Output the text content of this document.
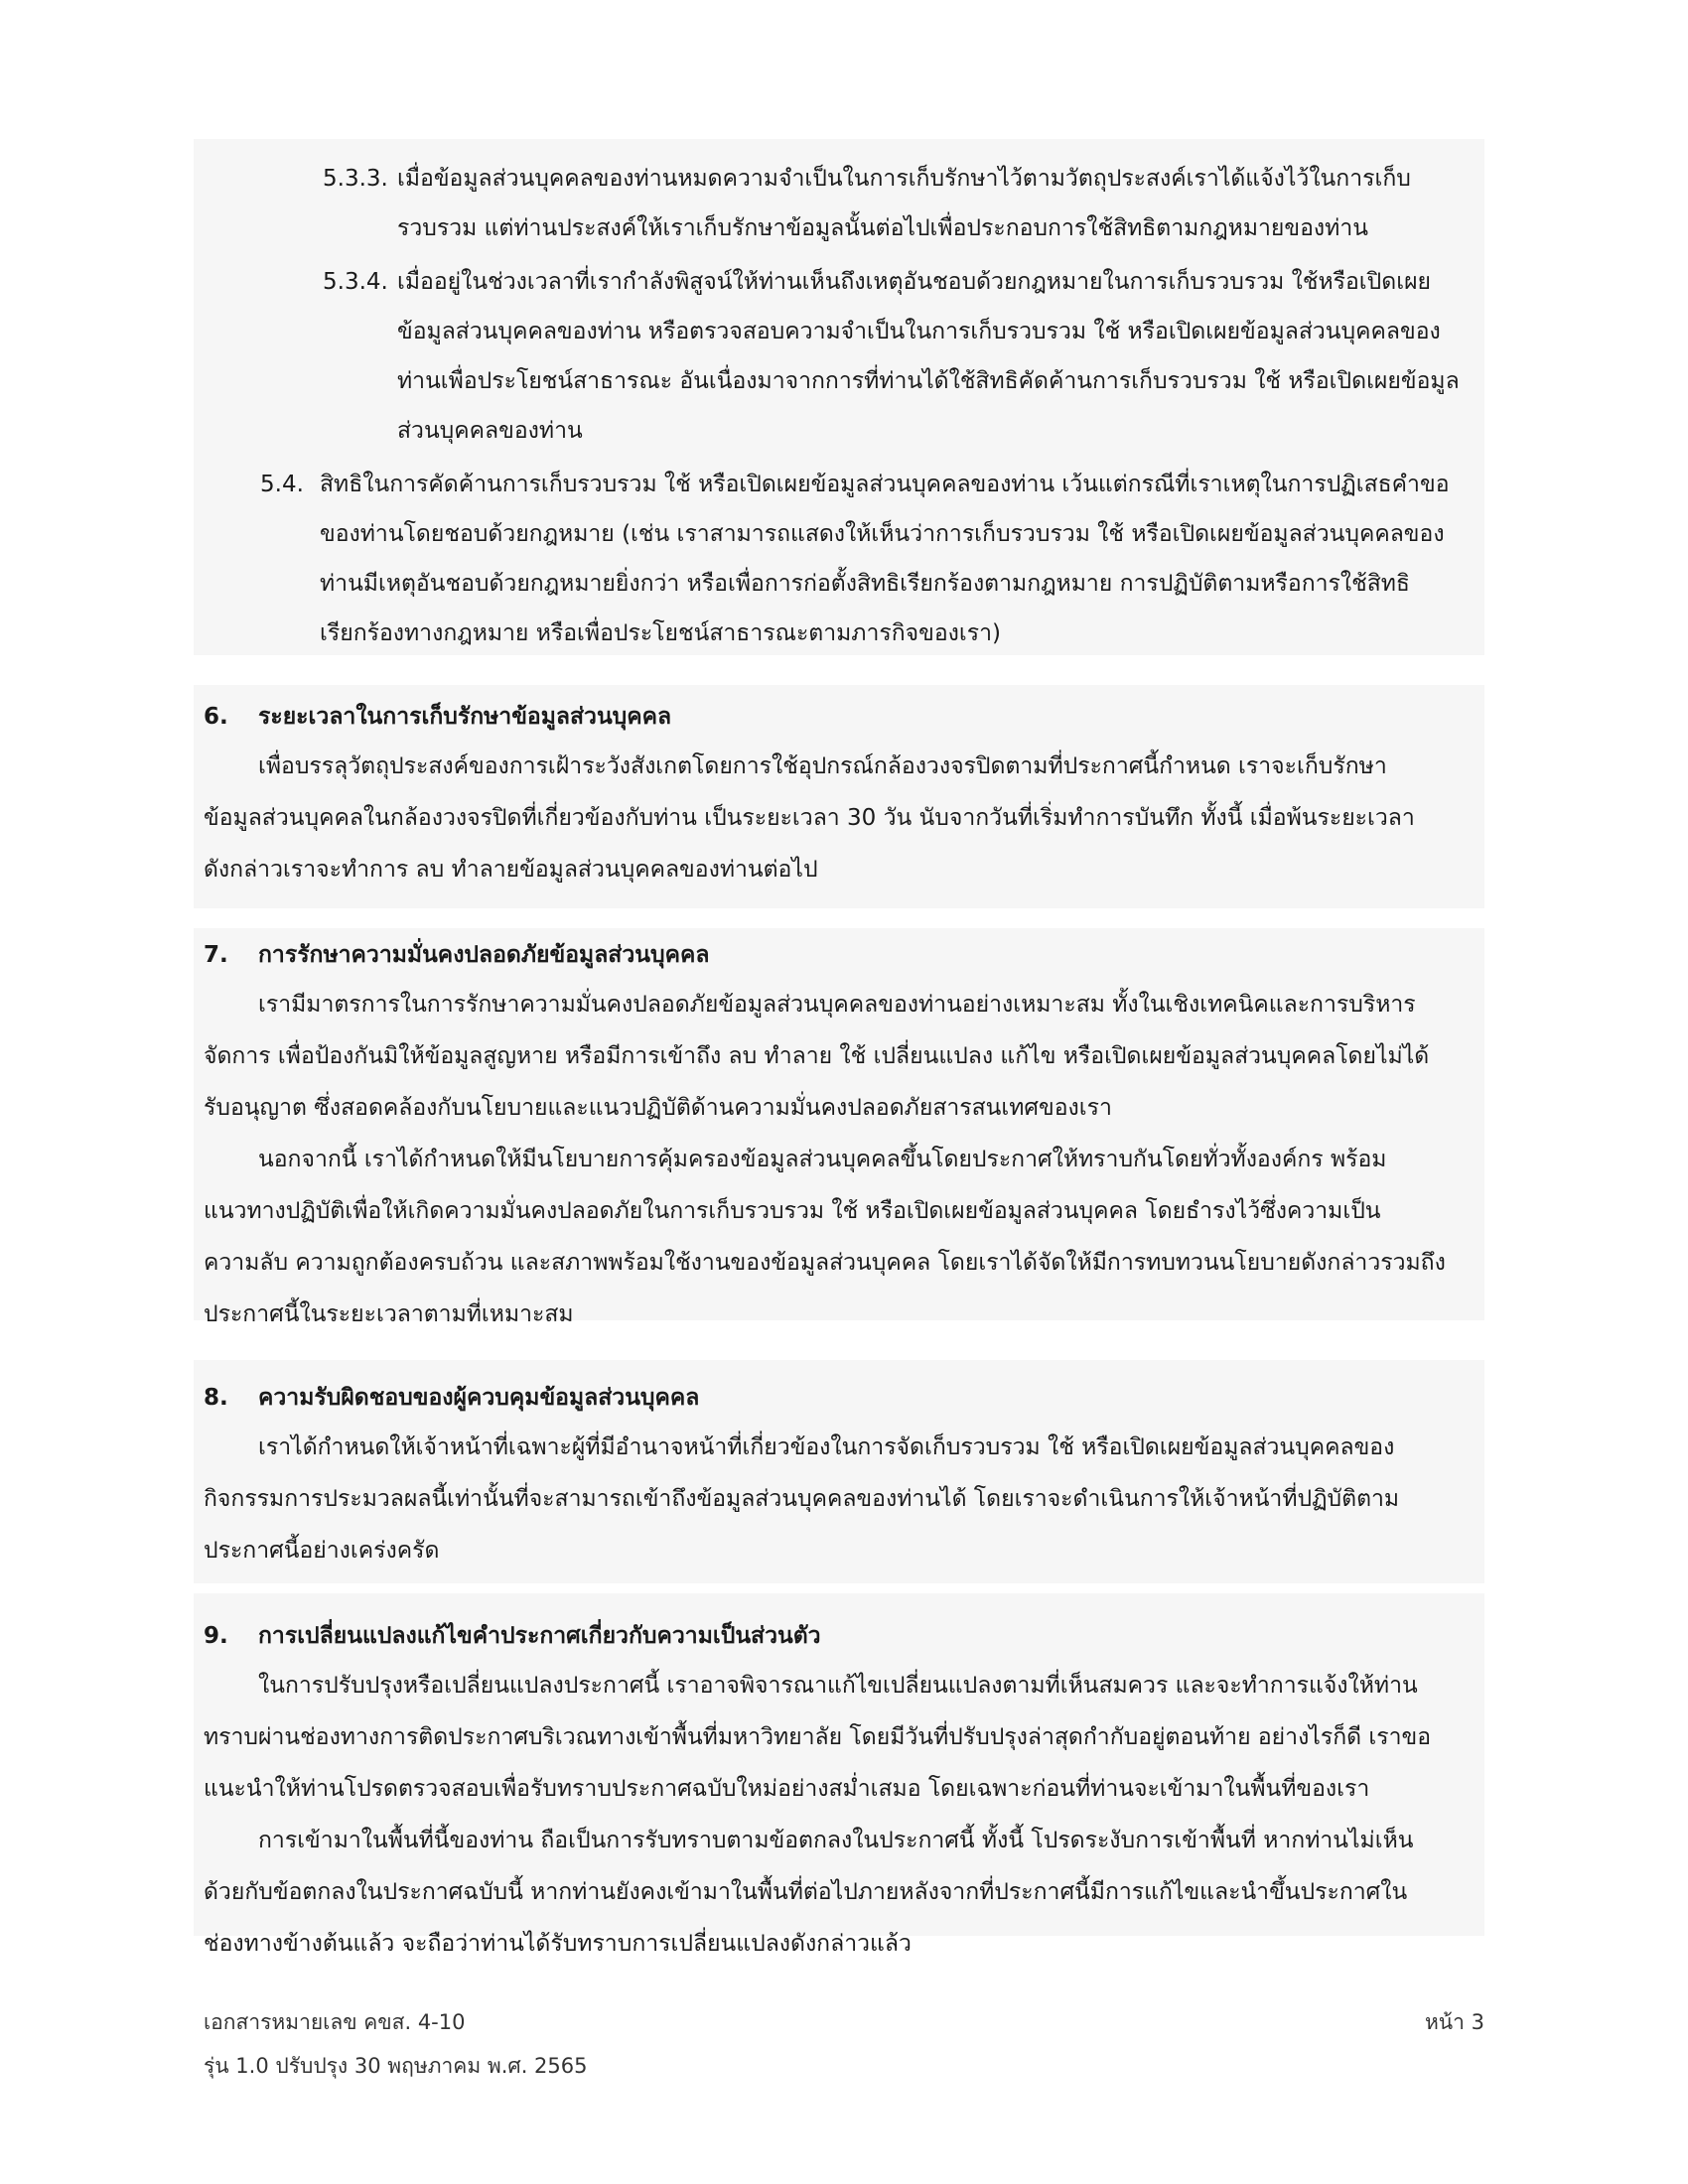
5.3.3. เมื่อข้อมูลส่วนบุคคลของท่านหมดความจำเป็นในการเก็บรักษาไว้ตามวัตถุประสงค์เราได้แจ้งไว้ในการเก็บ
รวบรวม แต่ท่านประสงค์ให้เราเก็บรักษาข้อมูลนั้นต่อไปเพื่อประกอบการใช้สิทธิตามกฎหมายของท่าน
5.3.4. เมื่ออยู่ในช่วงเวลาที่เรากำลังพิสูจน์ให้ท่านเห็นถึงเหตุอันชอบด้วยกฎหมายในการเก็บรวบรวม ใช้หรือเปิดเผย
ข้อมูลส่วนบุคคลของท่าน หรือตรวจสอบความจำเป็นในการเก็บรวบรวม ใช้ หรือเปิดเผยข้อมูลส่วนบุคคลของ
ท่านเพื่อประโยชน์สาธารณะ อันเนื่องมาจากการที่ท่านได้ใช้สิทธิคัดค้านการเก็บรวบรวม ใช้ หรือเปิดเผยข้อมูล
ส่วนบุคคลของท่าน
5.4. สิทธิในการคัดค้านการเก็บรวบรวม ใช้ หรือเปิดเผยข้อมูลส่วนบุคคลของท่าน เว้นแต่กรณีที่เราเหตุในการปฏิเสธคำขอ
ของท่านโดยชอบด้วยกฎหมาย (เช่น เราสามารถแสดงให้เห็นว่าการเก็บรวบรวม ใช้ หรือเปิดเผยข้อมูลส่วนบุคคลของ
ท่านมีเหตุอันชอบด้วยกฎหมายยิ่งกว่า หรือเพื่อการก่อตั้งสิทธิเรียกร้องตามกฎหมาย การปฏิบัติตามหรือการใช้สิทธิ
เรียกร้องทางกฎหมาย หรือเพื่อประโยชน์สาธารณะตามภารกิจของเรา)
6. ระยะเวลาในการเก็บรักษาข้อมูลส่วนบุคคล
เพื่อบรรลุวัตถุประสงค์ของการเฝ้าระวังสังเกตโดยการใช้อุปกรณ์กล้องวงจรปิดตามที่ประกาศนี้กำหนด เราจะเก็บรักษา
ข้อมูลส่วนบุคคลในกล้องวงจรปิดที่เกี่ยวข้องกับท่าน เป็นระยะเวลา 30 วัน นับจากวันที่เริ่มทำการบันทึก ทั้งนี้ เมื่อพ้นระยะเวลา
ดังกล่าวเราจะทำการ ลบ ทำลายข้อมูลส่วนบุคคลของท่านต่อไป
7. การรักษาความมั่นคงปลอดภัยข้อมูลส่วนบุคคล
เรามีมาตรการในการรักษาความมั่นคงปลอดภัยข้อมูลส่วนบุคคลของท่านอย่างเหมาะสม ทั้งในเชิงเทคนิคและการบริหาร
จัดการ เพื่อป้องกันมิให้ข้อมูลสูญหาย หรือมีการเข้าถึง ลบ ทำลาย ใช้ เปลี่ยนแปลง แก้ไข หรือเปิดเผยข้อมูลส่วนบุคคลโดยไม่ได้
รับอนุญาต ซึ่งสอดคล้องกับนโยบายและแนวปฏิบัติด้านความมั่นคงปลอดภัยสารสนเทศของเรา
นอกจากนี้ เราได้กำหนดให้มีนโยบายการคุ้มครองข้อมูลส่วนบุคคลขึ้นโดยประกาศให้ทราบกันโดยทั่วทั้งองค์กร พร้อม
แนวทางปฏิบัติเพื่อให้เกิดความมั่นคงปลอดภัยในการเก็บรวบรวม ใช้ หรือเปิดเผยข้อมูลส่วนบุคคล โดยธำรงไว้ซึ่งความเป็น
ความลับ ความถูกต้องครบถ้วน และสภาพพร้อมใช้งานของข้อมูลส่วนบุคคล โดยเราได้จัดให้มีการทบทวนนโยบายดังกล่าวรวมถึง
ประกาศนี้ในระยะเวลาตามที่เหมาะสม
8. ความรับผิดชอบของผู้ควบคุมข้อมูลส่วนบุคคล
เราได้กำหนดให้เจ้าหน้าที่เฉพาะผู้ที่มีอำนาจหน้าที่เกี่ยวข้องในการจัดเก็บรวบรวม ใช้ หรือเปิดเผยข้อมูลส่วนบุคคลของ
กิจกรรมการประมวลผลนี้เท่านั้นที่จะสามารถเข้าถึงข้อมูลส่วนบุคคลของท่านได้ โดยเราจะดำเนินการให้เจ้าหน้าที่ปฏิบัติตาม
ประกาศนี้อย่างเคร่งครัด
9. การเปลี่ยนแปลงแก้ไขคำประกาศเกี่ยวกับความเป็นส่วนตัว
ในการปรับปรุงหรือเปลี่ยนแปลงประกาศนี้ เราอาจพิจารณาแก้ไขเปลี่ยนแปลงตามที่เห็นสมควร และจะทำการแจ้งให้ท่าน
ทราบผ่านช่องทางการติดประกาศบริเวณทางเข้าพื้นที่มหาวิทยาลัย โดยมีวันที่ปรับปรุงล่าสุดกำกับอยู่ตอนท้าย อย่างไรก็ดี เราขอ
แนะนำให้ท่านโปรดตรวจสอบเพื่อรับทราบประกาศฉบับใหม่อย่างสม่ำเสมอ โดยเฉพาะก่อนที่ท่านจะเข้ามาในพื้นที่ของเรา
การเข้ามาในพื้นที่นี้ของท่าน ถือเป็นการรับทราบตามข้อตกลงในประกาศนี้ ทั้งนี้ โปรดระงับการเข้าพื้นที่ หากท่านไม่เห็น
ด้วยกับข้อตกลงในประกาศฉบับนี้ หากท่านยังคงเข้ามาในพื้นที่ต่อไปภายหลังจากที่ประกาศนี้มีการแก้ไขและนำขึ้นประกาศใน
ช่องทางข้างต้นแล้ว จะถือว่าท่านได้รับทราบการเปลี่ยนแปลงดังกล่าวแล้ว
เอกสารหมายเลข คขส. 4-10	หน้า 3
รุ่น 1.0 ปรับปรุง 30 พฤษภาคม พ.ศ. 2565
